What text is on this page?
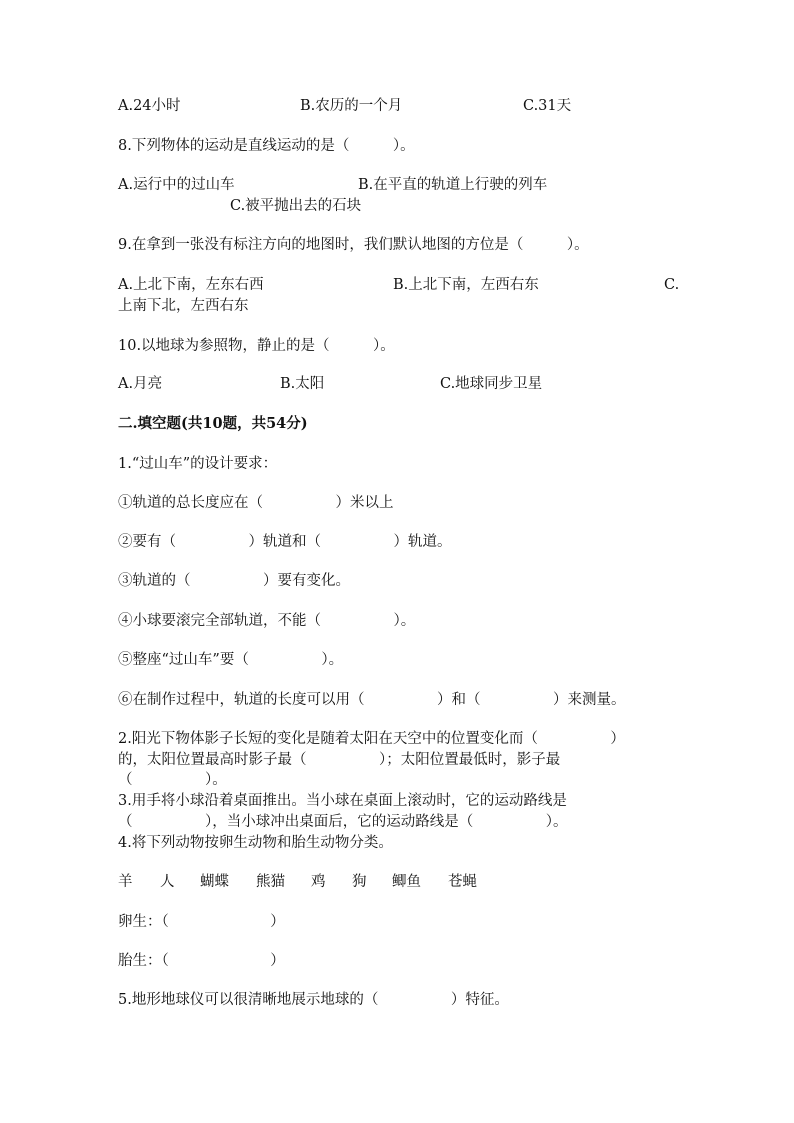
A.24小时	B.农历的一个月	C.31天
8.下列物体的运动是直线运动的是（　　　）。
A.运行中的过山车	B.在平直的轨道上行驶的列车
C.被平抛出去的石块
9.在拿到一张没有标注方向的地图时，我们默认地图的方位是（　　　）。
A.上北下南，左东右西	B.上北下南，左西右东	C.
上南下北，左西右东
10.以地球为参照物，静止的是（　　　）。
A.月亮	B.太阳	C.地球同步卫星
二.填空题(共10题，共54分)
1.“过山车”的设计要求：
①轨道的总长度应在（　　　　　）米以上
②要有（　　　　　）轨道和（　　　　　）轨道。
③轨道的（　　　　　）要有变化。
④小球要滚完全部轨道，不能（　　　　　）。
⑤整座“过山车”要（　　　　　）。
⑥在制作过程中，轨道的长度可以用（　　　　　）和（　　　　　）来测量。
2.阳光下物体影子长短的变化是随着太阳在天空中的位置变化而（　　　　　）
的，太阳位置最高时影子最（　　　　　）；太阳位置最低时，影子最
（　　　　　）。
3.用手将小球沿着桌面推出。当小球在桌面上滚动时，它的运动路线是
（　　　　　），当小球冲出桌面后，它的运动路线是（　　　　　）。
4.将下列动物按卵生动物和胎生动物分类。
羊 人 蝴蝶 熊猫 鸡 狗 鲫鱼 苍蝇
卵生：（　　　　　　　）
胎生：（　　　　　　　）
5.地形地球仪可以很清晰地展示地球的（　　　　　）特征。
